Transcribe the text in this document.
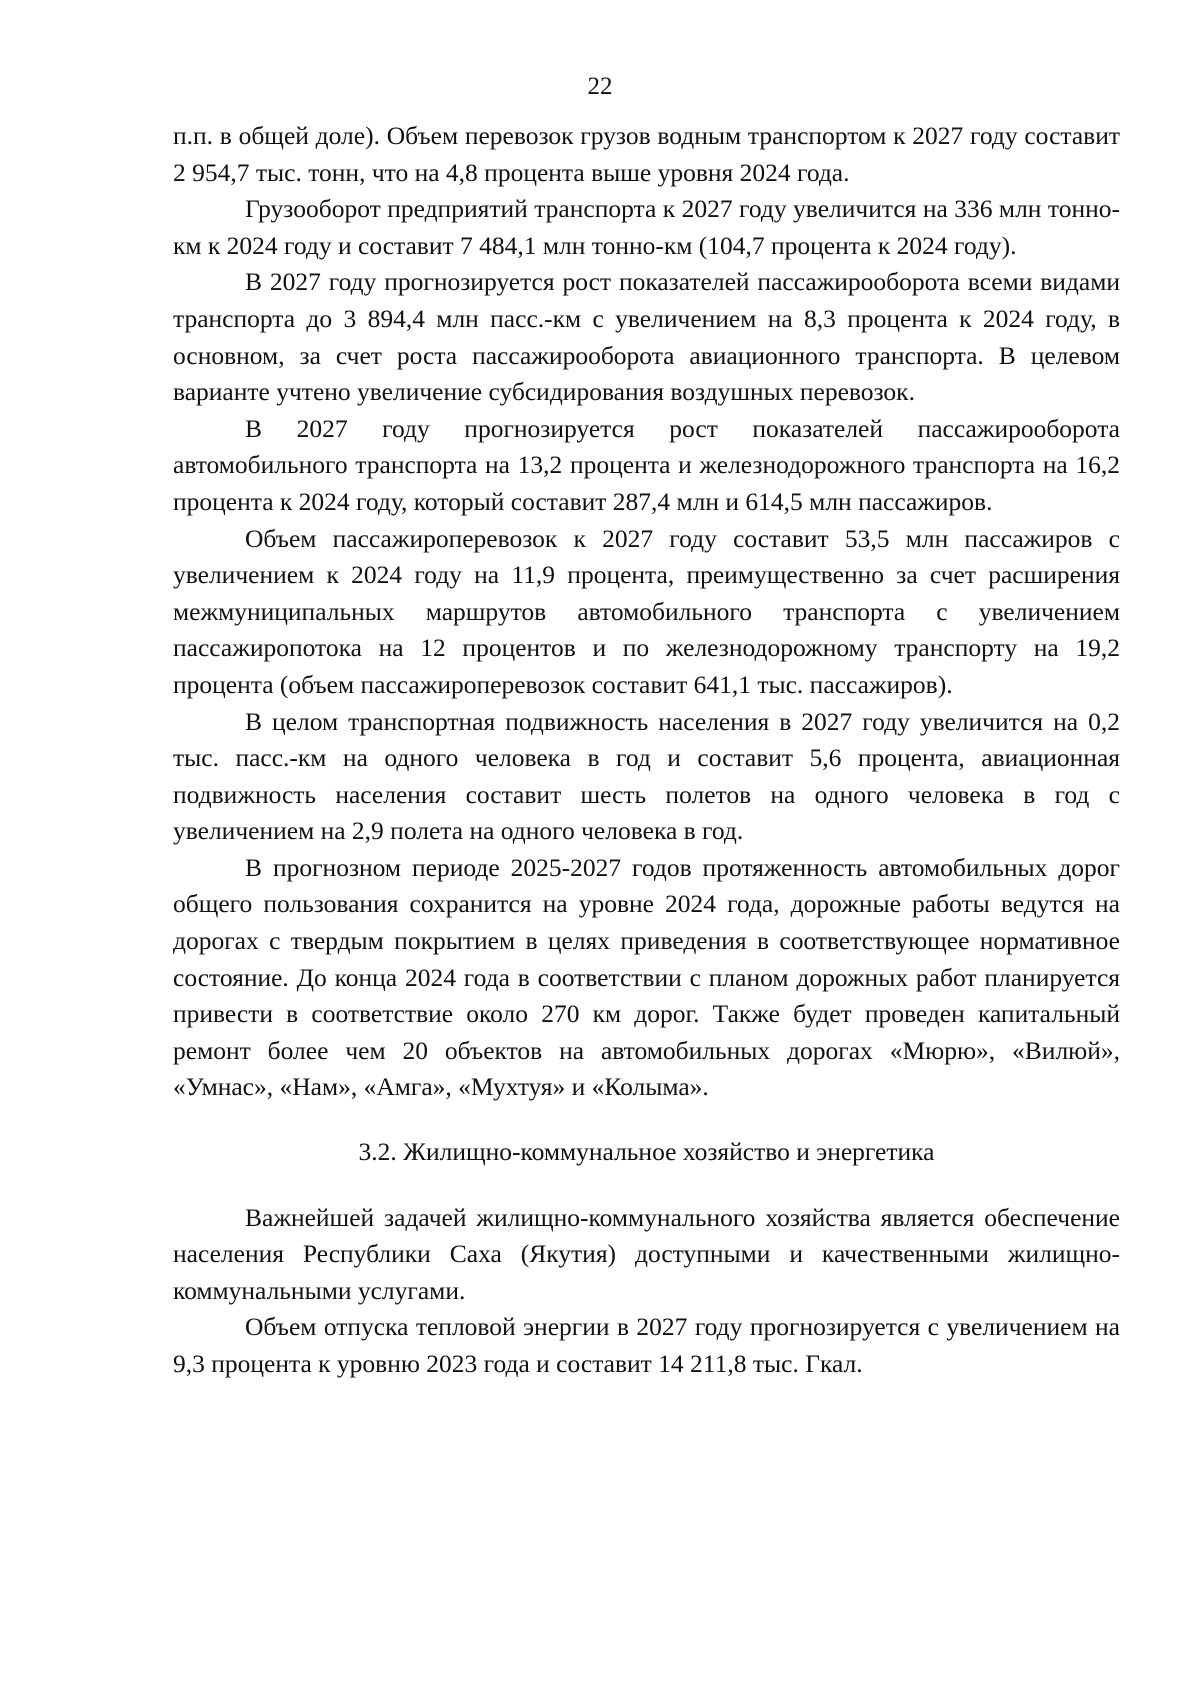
22

п.п. в общей доле). Объем перевозок грузов водным транспортом к 2027 году составит 2 954,7 тыс. тонн, что на 4,8 процента выше уровня 2024 года.

Грузооборот предприятий транспорта к 2027 году увеличится на 336 млн тонно-км к 2024 году и составит 7 484,1 млн тонно-км (104,7 процента к 2024 году).

В 2027 году прогнозируется рост показателей пассажирооборота всеми видами транспорта до 3 894,4 млн пасс.-км с увеличением на 8,3 процента к 2024 году, в основном, за счет роста пассажирооборота авиационного транспорта. В целевом варианте учтено увеличение субсидирования воздушных перевозок.

В 2027 году прогнозируется рост показателей пассажирооборота автомобильного транспорта на 13,2 процента и железнодорожного транспорта на 16,2 процента к 2024 году, который составит 287,4 млн и 614,5 млн пассажиров.

Объем пассажироперевозок к 2027 году составит 53,5 млн пассажиров с увеличением к 2024 году на 11,9 процента, преимущественно за счет расширения межмуниципальных маршрутов автомобильного транспорта с увеличением пассажиропотока на 12 процентов и по железнодорожному транспорту на 19,2 процента (объем пассажироперевозок составит 641,1 тыс. пассажиров).

В целом транспортная подвижность населения в 2027 году увеличится на 0,2 тыс. пасс.-км на одного человека в год и составит 5,6 процента, авиационная подвижность населения составит шесть полетов на одного человека в год с увеличением на 2,9 полета на одного человека в год.

В прогнозном периоде 2025-2027 годов протяженность автомобильных дорог общего пользования сохранится на уровне 2024 года, дорожные работы ведутся на дорогах с твердым покрытием в целях приведения в соответствующее нормативное состояние. До конца 2024 года в соответствии с планом дорожных работ планируется привести в соответствие около 270 км дорог. Также будет проведен капитальный ремонт более чем 20 объектов на автомобильных дорогах «Мюрю», «Вилюй», «Умнас», «Нам», «Амга», «Мухтуя» и «Колыма».

3.2. Жилищно-коммунальное хозяйство и энергетика

Важнейшей задачей жилищно-коммунального хозяйства является обеспечение населения Республики Саха (Якутия) доступными и качественными жилищно-коммунальными услугами.

Объем отпуска тепловой энергии в 2027 году прогнозируется с увеличением на 9,3 процента к уровню 2023 года и составит 14 211,8 тыс. Гкал.
